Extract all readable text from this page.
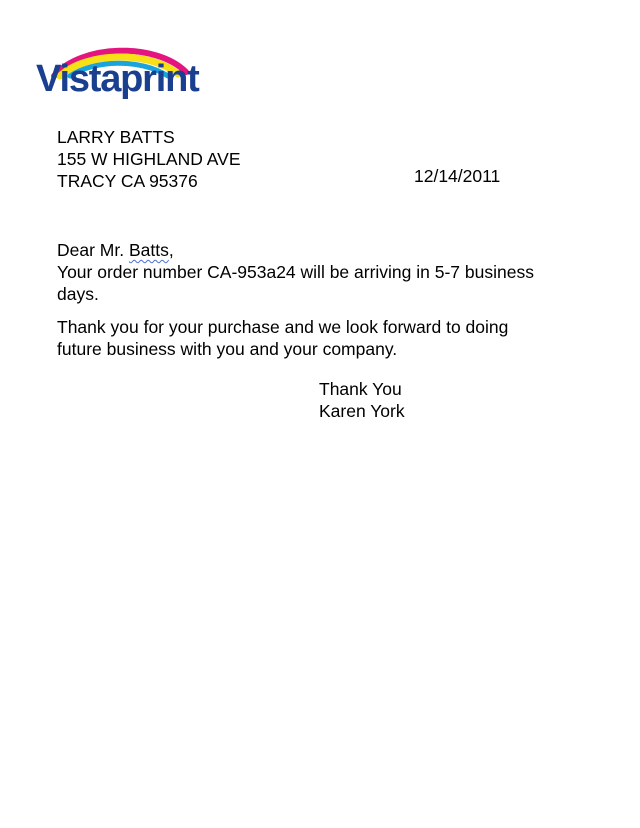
Vistaprint
LARRY BATTS
155 W HIGHLAND AVE
TRACY CA 95376	12/14/2011
Dear Mr. Batts,
Your order number CA-953a24 will be arriving in 5-7 business
days.
Thank you for your purchase and we look forward to doing
future business with you and your company.
Thank You
Karen York
